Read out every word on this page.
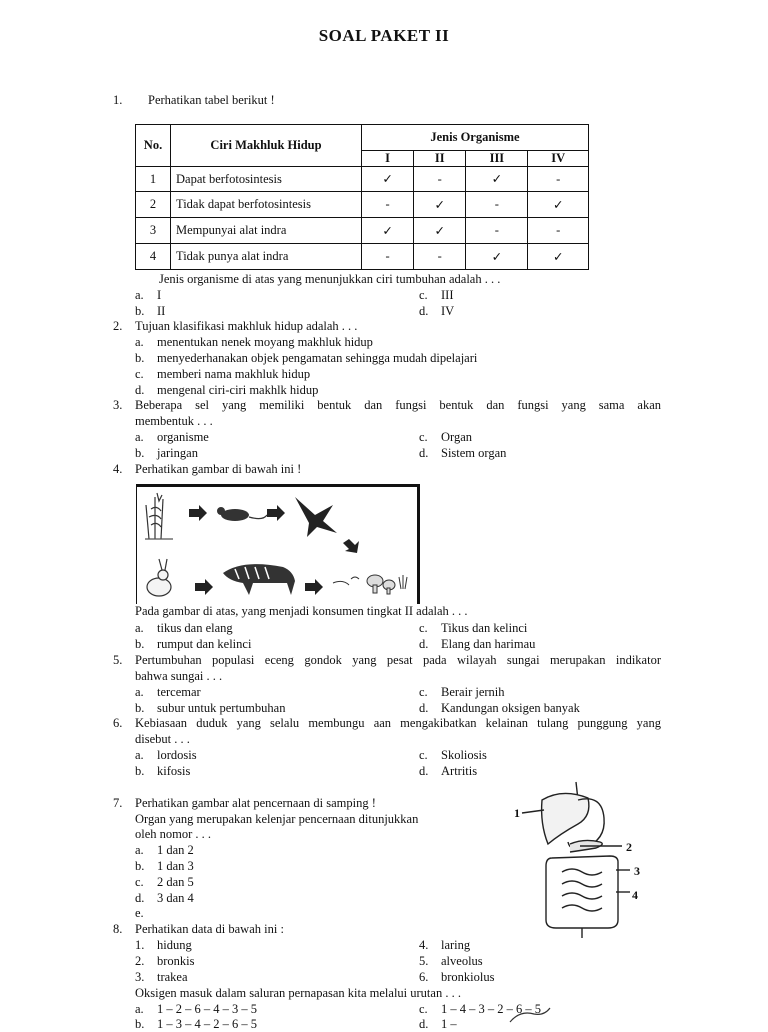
SOAL PAKET II
1. Perhatikan tabel berikut !
No.	Ciri Makhluk Hidup	Jenis Organisme			
		I	II	III	IV
1	Dapat berfotosintesis	✓	-	✓	-
2	Tidak dapat berfotosintesis	-	✓	-	✓
3	Mempunyai alat indra	✓	✓	-	-
4	Tidak punya alat indra	-	-	✓	✓
Jenis organisme di atas yang menunjukkan ciri tumbuhan adalah . . .
a. I	c. III
b. II	d. IV
2. Tujuan klasifikasi makhluk hidup adalah . . .
a. menentukan nenek moyang makhluk hidup
b. menyederhanakan objek pengamatan sehingga mudah dipelajari
c. memberi nama makhluk hidup
d. mengenal ciri-ciri makhlk hidup
3. Beberapa sel yang memiliki bentuk dan fungsi bentuk dan fungsi yang sama akan
membentuk . . .
a. organisme	c. Organ
b. jaringan	d. Sistem organ
4. Perhatikan gambar di bawah ini !
Pada gambar di atas, yang menjadi konsumen tingkat II adalah . . .
a. tikus dan elang	c. Tikus dan kelinci
b. rumput dan kelinci	d. Elang dan harimau
5. Pertumbuhan populasi eceng gondok yang pesat pada wilayah sungai merupakan indikator
bahwa sungai . . .
a. tercemar	c. Berair jernih
b. subur untuk pertumbuhan	d. Kandungan oksigen banyak
6. Kebiasaan duduk yang selalu membungu aan mengakibatkan kelainan tulang punggung yang
disebut . . .
a. lordosis	c. Skoliosis
b. kifosis	d. Artritis
7. Perhatikan gambar alat pencernaan di samping !
Organ yang merupakan kelenjar pencernaan ditunjukkan
oleh nomor . . .
a. 1 dan 2
b. 1 dan 3
c. 2 dan 5
d. 3 dan 4
e.
1
2
3
4
8. Perhatikan data di bawah ini :
1. hidung	4. laring
2. bronkis	5. alveolus
3. trakea	6. bronkiolus
Oksigen masuk dalam saluran pernapasan kita melalui urutan . . .
a. 1 – 2 – 6 – 4 – 3 – 5	c. 1 – 4 – 3 – 2 – 6 – 5
b. 1 – 3 – 4 – 2 – 6 – 5	d. 1 –
